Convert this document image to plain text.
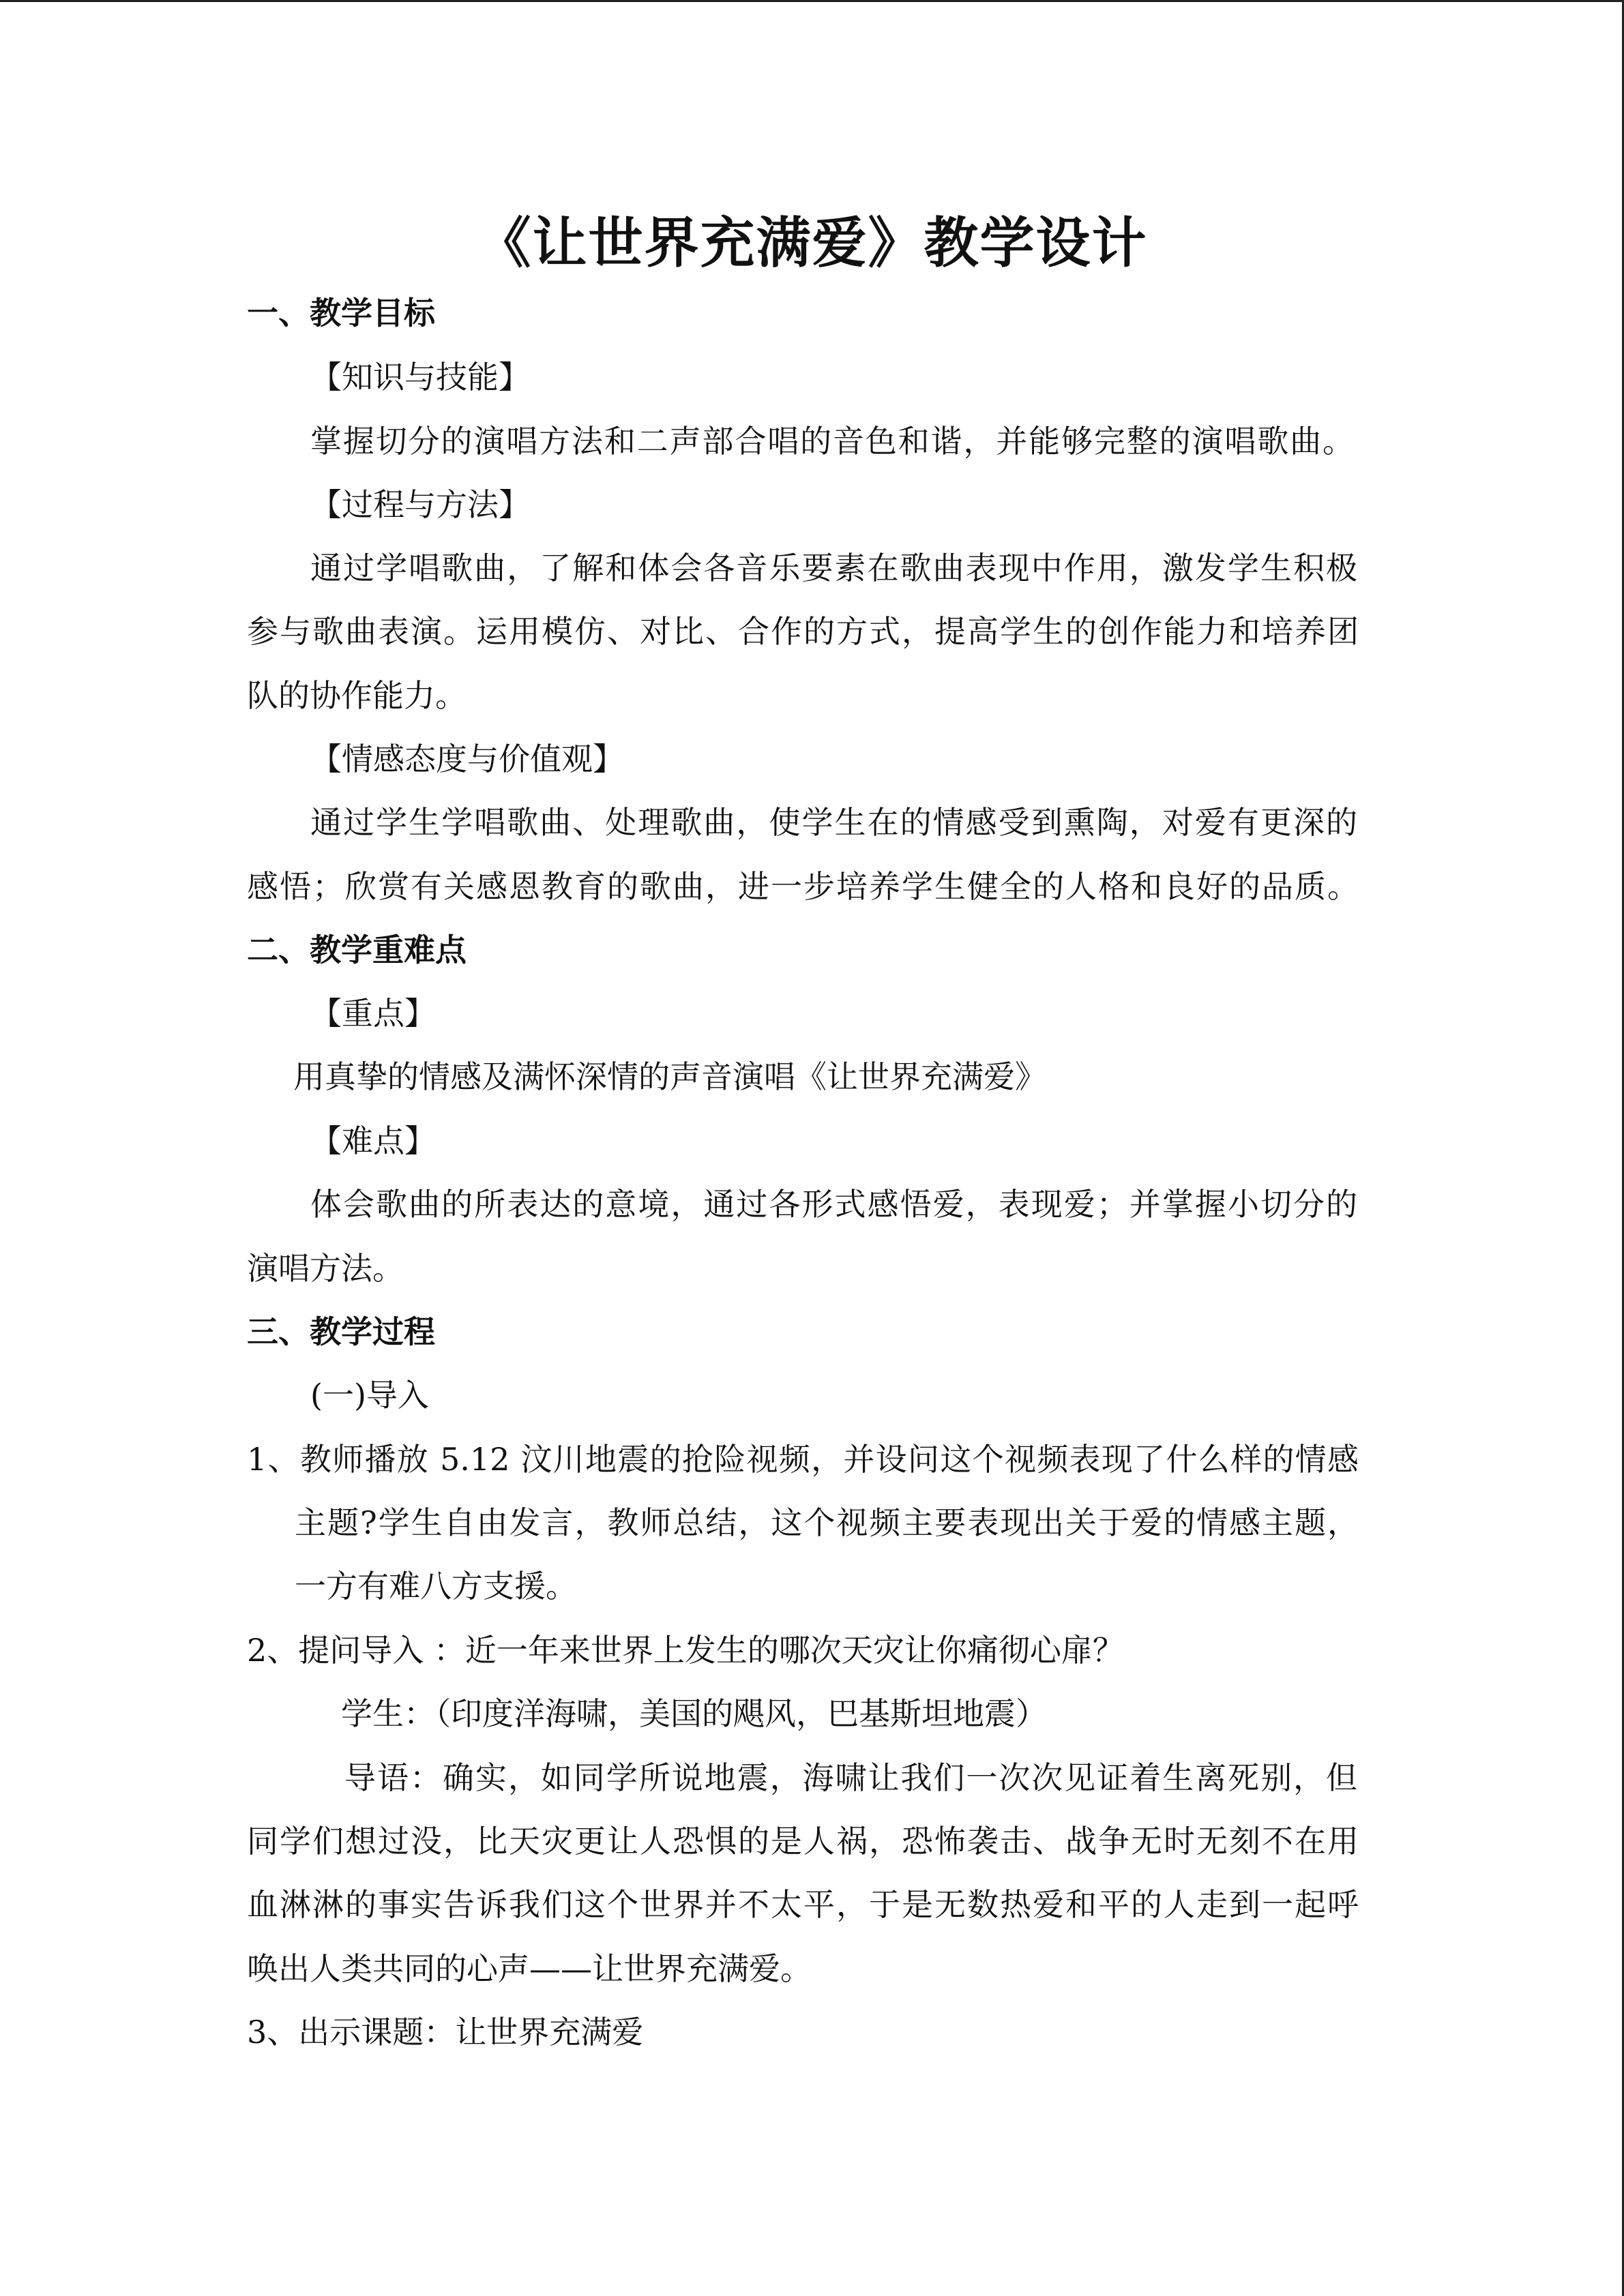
《让世界充满爱》教学设计
一、教学目标
【知识与技能】
掌握切分的演唱方法和二声部合唱的音色和谐，并能够完整的演唱歌曲。
【过程与方法】
通过学唱歌曲，了解和体会各音乐要素在歌曲表现中作用，激发学生积极
参与歌曲表演。运用模仿、对比、合作的方式，提高学生的创作能力和培养团
队的协作能力。
【情感态度与价值观】
通过学生学唱歌曲、处理歌曲，使学生在的情感受到熏陶，对爱有更深的
感悟；欣赏有关感恩教育的歌曲，进一步培养学生健全的人格和良好的品质。
二、教学重难点
【重点】
用真挚的情感及满怀深情的声音演唱《让世界充满爱》
【难点】
体会歌曲的所表达的意境，通过各形式感悟爱，表现爱；并掌握小切分的
演唱方法。
三、教学过程
(一)导入
1、教师播放 5.12 汶川地震的抢险视频，并设问这个视频表现了什么样的情感
主题?学生自由发言，教师总结，这个视频主要表现出关于爱的情感主题，
一方有难八方支援。
2、提问导入 ：近一年来世界上发生的哪次天灾让你痛彻心扉？
学生：（印度洋海啸，美国的飓风，巴基斯坦地震）
导语：确实，如同学所说地震，海啸让我们一次次见证着生离死别，但
同学们想过没，比天灾更让人恐惧的是人祸，恐怖袭击、战争无时无刻不在用
血淋淋的事实告诉我们这个世界并不太平，于是无数热爱和平的人走到一起呼
唤出人类共同的心声——让世界充满爱。
3、出示课题：让世界充满爱
